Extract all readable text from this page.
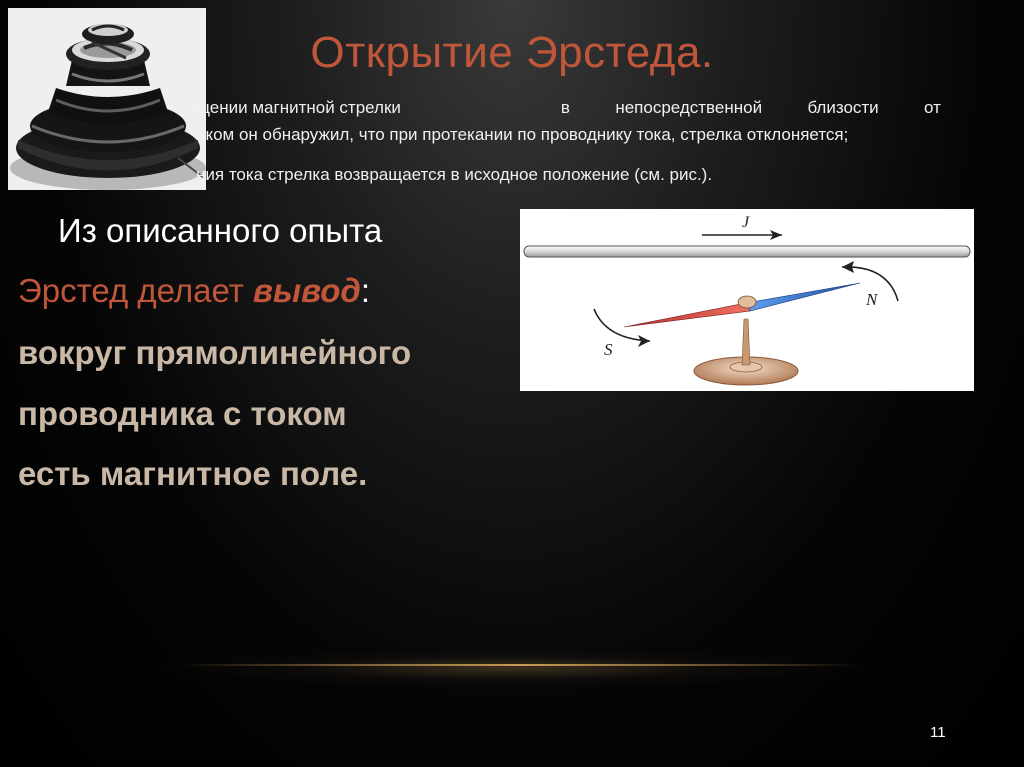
Открытие Эрстеда.
щении магнитной стрелки	в непосредственной близости от
оком он обнаружил, что при протекании по проводнику тока, стрелка отклоняется;
ния тока стрелка возвращается в исходное положение (см. рис.).
Из описанного опыта
Эрстед делает вывод:
вокруг прямолинейного
проводника с током
есть магнитное поле.
J
N
S
11
